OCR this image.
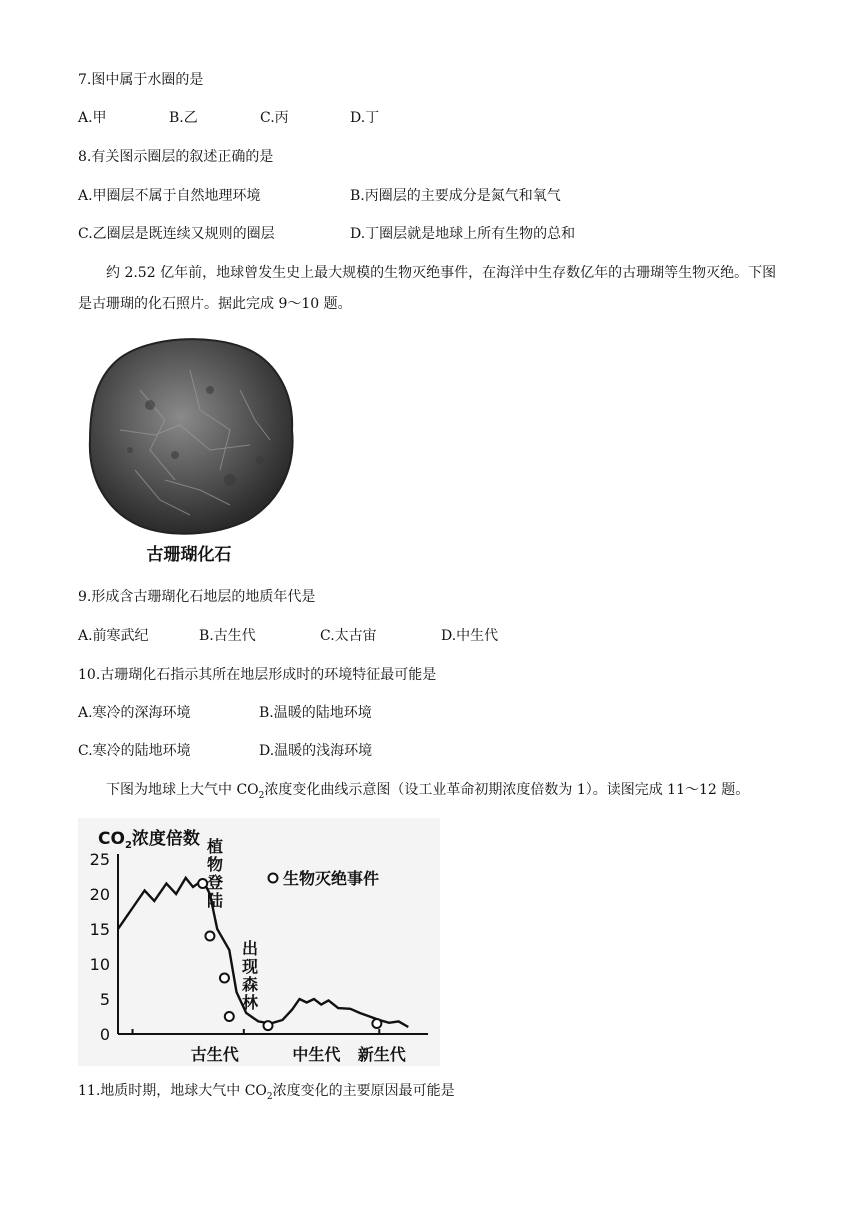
7.图中属于水圈的是
A.甲	B.乙	C.丙	D.丁
8.有关图示圈层的叙述正确的是
A.甲圈层不属于自然地理环境	B.丙圈层的主要成分是氮气和氧气
C.乙圈层是既连续又规则的圈层	D.丁圈层就是地球上所有生物的总和
约 2.52 亿年前，地球曾发生史上最大规模的生物灭绝事件，在海洋中生存数亿年的古珊瑚等生物灭绝。下图是古珊瑚的化石照片。据此完成 9～10 题。
古珊瑚化石
9.形成含古珊瑚化石地层的地质年代是
A.前寒武纪	B.古生代	C.太古宙	D.中生代
10.古珊瑚化石指示其所在地层形成时的环境特征最可能是
A.寒冷的深海环境	B.温暖的陆地环境
C.寒冷的陆地环境	D.温暖的浅海环境
下图为地球上大气中 $CO_2$浓度变化曲线示意图（设工业革命初期浓度倍数为 1）。读图完成 11～12 题。
$CO_2$浓度倍数
0
5
10
15
20
25
古生代	中生代 新生代
植
物
登
陆
出
现
森
林
生物灭绝事件
11.地质时期，地球大气中 $CO_2$浓度变化的主要原因最可能是
